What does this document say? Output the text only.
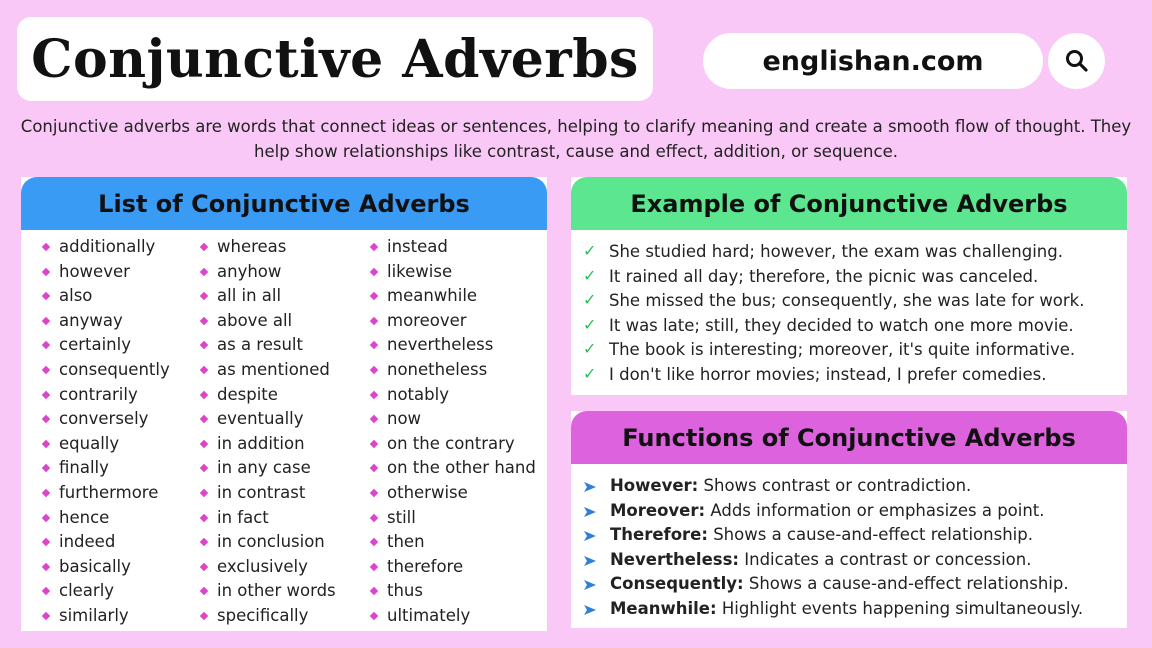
Conjunctive Adverbs	englishan.com
Conjunctive adverbs are words that connect ideas or sentences, helping to clarify meaning and create a smooth flow of thought. They help show relationships like contrast, cause and effect, addition, or sequence.
List of Conjunctive Adverbs
additionally
however
also
anyway
certainly
consequently
contrarily
conversely
equally
finally
furthermore
hence
indeed
basically
clearly
similarly
whereas
anyhow
all in all
above all
as a result
as mentioned
despite
eventually
in addition
in any case
in contrast
in fact
in conclusion
exclusively
in other words
specifically
instead
likewise
meanwhile
moreover
nevertheless
nonetheless
notably
now
on the contrary
on the other hand
otherwise
still
then
therefore
thus
ultimately
Example of Conjunctive Adverbs
✓ She studied hard; however, the exam was challenging.
✓ It rained all day; therefore, the picnic was canceled.
✓ She missed the bus; consequently, she was late for work.
✓ It was late; still, they decided to watch one more movie.
✓ The book is interesting; moreover, it's quite informative.
✓ I don't like horror movies; instead, I prefer comedies.
Functions of Conjunctive Adverbs
However: Shows contrast or contradiction.
Moreover: Adds information or emphasizes a point.
Therefore: Shows a cause-and-effect relationship.
Nevertheless: Indicates a contrast or concession.
Consequently: Shows a cause-and-effect relationship.
Meanwhile: Highlight events happening simultaneously.
